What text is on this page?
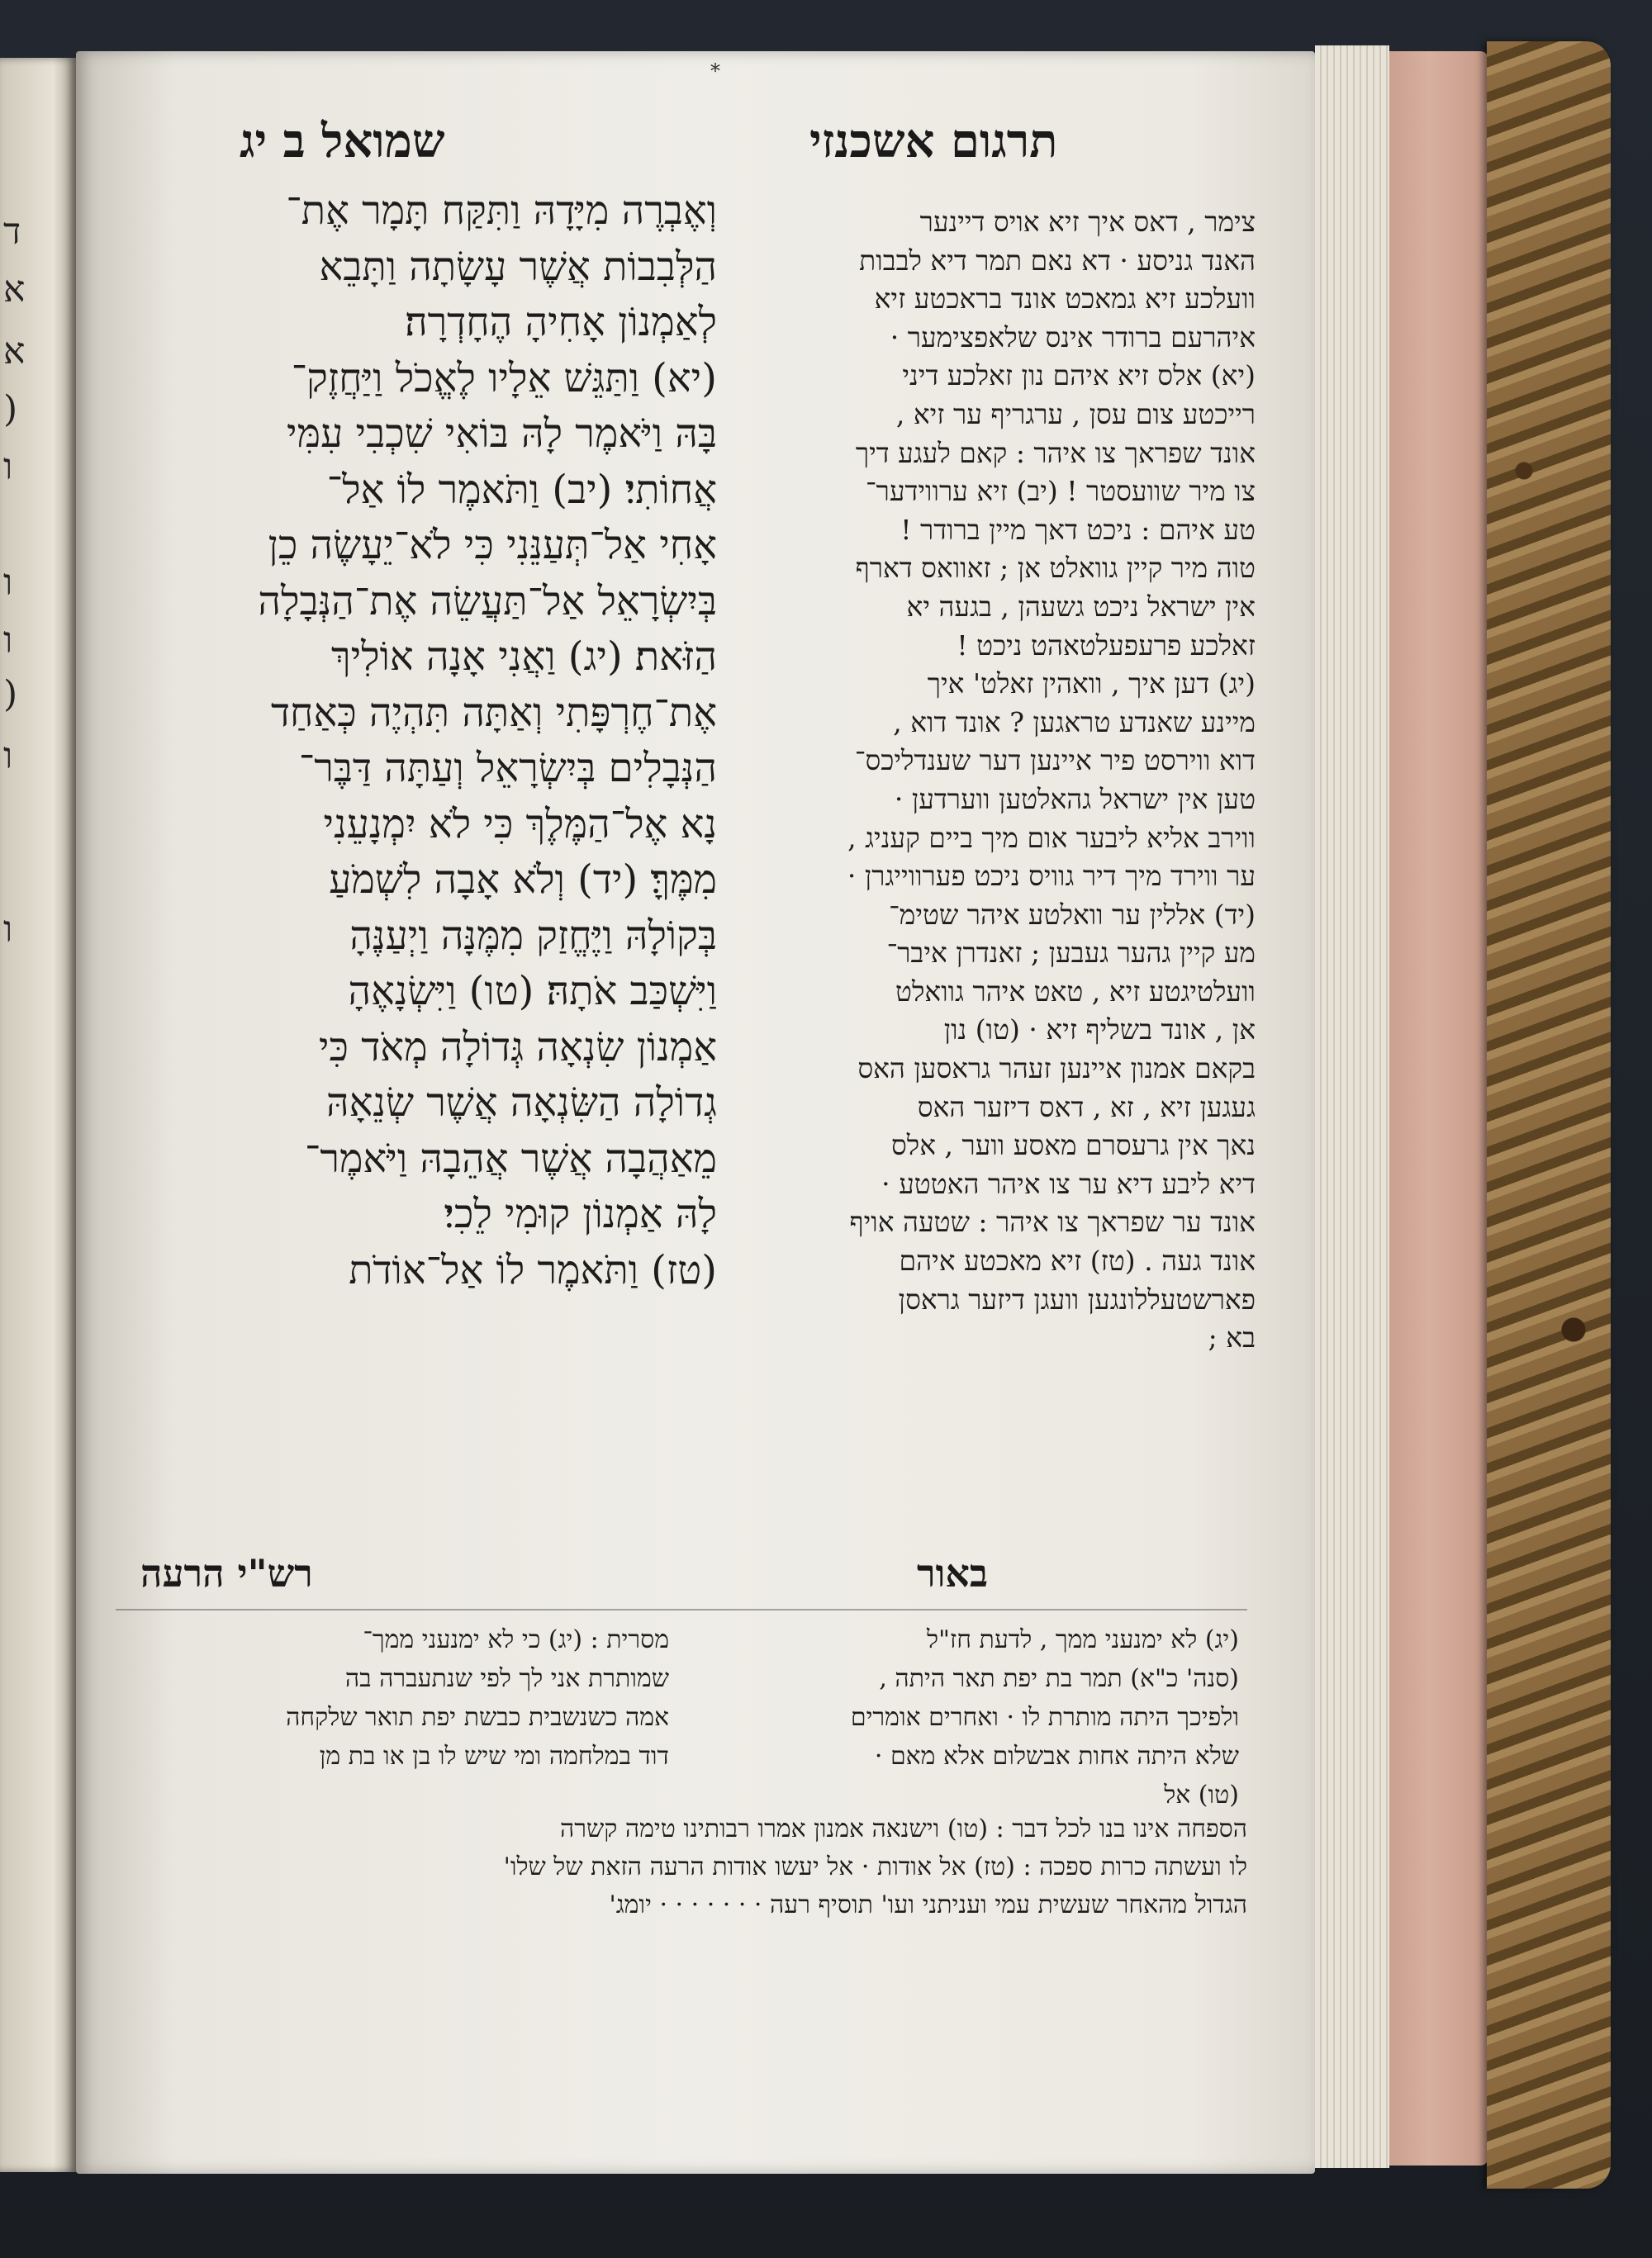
ד
א
א
(
ו
ו
ו
(
ו
ו
*
שמואל ב יג	תרגום אשכנזי
וְאֶבְרֶה מִיָּדָהּ וַתִּקַּח תָּמָר אֶת־
הַלְּבִבוֹת אֲשֶׁר עָשָׂתָה וַתָּבֵא
לְאַמְנוֹן אָחִיהָ הֶחָדְרָה׃
(יא) וַתַּגֵּשׁ אֵלָיו לֶאֱכֹל וַיַּחֲזֶק־
בָּהּ וַיֹּאמֶר לָהּ בּוֹאִי שִׁכְבִי עִמִּי
אֲחוֹתִי׃ (יב) וַתֹּאמֶר לוֹ אַל־
אָחִי אַל־תְּעַנֵּנִי כִּי לֹא־יֵעָשֶׂה כֵן
בְּיִשְׂרָאֵל אַל־תַּעֲשֵׂה אֶת־הַנְּבָלָה
הַזֹּאת׃ (יג) וַאֲנִי אָנָה אוֹלִיךְ
אֶת־חֶרְפָּתִי וְאַתָּה תִּהְיֶה כְּאַחַד
הַנְּבָלִים בְּיִשְׂרָאֵל וְעַתָּה דַּבֶּר־
נָא אֶל־הַמֶּלֶךְ כִּי לֹא יִמְנָעֵנִי
מִמֶּךָּ׃ (יד) וְלֹא אָבָה לִשְׁמֹעַ
בְּקוֹלָהּ וַיֶּחֱזַק מִמֶּנָּה וַיְעַנֶּהָ
וַיִּשְׁכַּב אֹתָהּ׃ (טו) וַיִּשְׂנָאֶהָ
אַמְנוֹן שִׂנְאָה גְּדוֹלָה מְאֹד כִּי
גְדוֹלָה הַשִּׂנְאָה אֲשֶׁר שְׂנֵאָהּ
מֵאַהֲבָה אֲשֶׁר אֲהֵבָהּ וַיֹּאמֶר־
לָהּ אַמְנוֹן קוּמִי לֵכִי׃
(טז) וַתֹּאמֶר לוֹ אַל־אוֹדֹת
צימר , דאס איך זיא אויס דיינער
האנד גניסע · דא נאם תמר דיא לבבות
וועלכע זיא גמאכט אונד בראכטע זיא
איהרעם ברודר אינס שלאפצימער ·
(יא) אלס זיא איהם נון זאלכע דיני
רייכטע צום עסן , ערגריף ער זיא ,
אונד שפראך צו איהר : קאם לעגע דיך
צו מיר שוועסטר ! (יב) זיא ערווידער־
טע איהם : ניכט דאך מיין ברודר !
טוה מיר קיין גוואלט אן ; זאוואס דארף
אין ישראל ניכט גשעהן , בגעה יא
זאלכע פרעפעלטאהט ניכט !
(יג) דען איך , וואהין זאלט' איך
מיינע שאנדע טראגען ? אונד דוא ,
דוא ווירסט פיר איינען דער שענדליכס־
טען אין ישראל גהאלטען ווערדען ·
ווירב אליא ליבער אום מיך ביים קעניג ,
ער ווירד מיך דיר גוויס ניכט פערווייגרן ·
(יד) אללין ער וואלטע איהר שטימ־
מע קיין גהער געבען ; זאנדרן איבר־
וועלטיגטע זיא , טאט איהר גוואלט
אן , אונד בשליף זיא · (טו) נון
בקאם אמנון איינען זעהר גראסען האס
געגען זיא , זא , דאס דיזער האס
נאך אין גרעסרם מאסע ווער , אלס
דיא ליבע דיא ער צו איהר האטטע ·
אונד ער שפראך צו איהר : שטעה אויף
אונד געה . (טז) זיא מאכטע איהם
פארשטעללונגען וועגן דיזער גראסן
בא ;
רש"י הרעה	באור
מסרית : (יג) כי לא ימנעני ממך־
שמותרת אני לך לפי שנתעברה בה
אמה כשנשבית כבשת יפת תואר שלקחה
דוד במלחמה ומי שיש לו בן או בת מן
(יג) לא ימנעני ממך , לדעת חז"ל
(סנה' כ"א) תמר בת יפת תאר היתה ,
ולפיכך היתה מותרת לו · ואחרים אומרים
שלא היתה אחות אבשלום אלא מאם ·
(טו) אל
הספחה אינו בנו לכל דבר : (טו) וישנאה אמנון אמרו רבותינו טימה קשרה
לו ועשתה כרות ספכה : (טז) אל אודות · אל יעשו אודות הרעה הזאת של שלו'
הגדול מהאחר שעשית עמי ועניתני ועו' תוסיף רעה · · · · · · · יומג'
